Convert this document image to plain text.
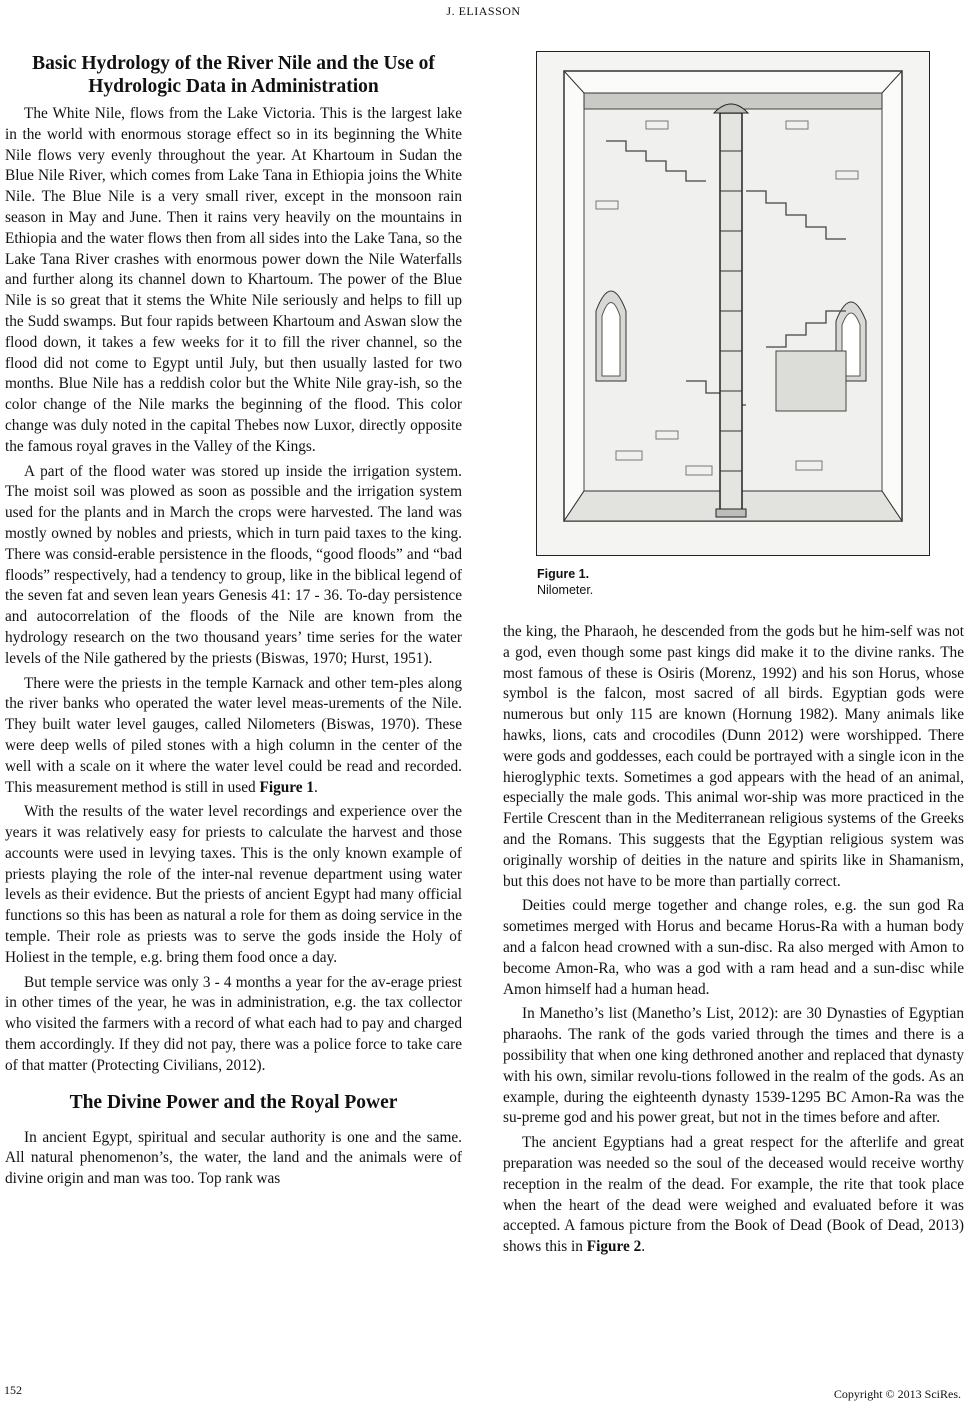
J. ELIASSON
Basic Hydrology of the River Nile and the Use of Hydrologic Data in Administration

The White Nile, flows from the Lake Victoria. This is the largest lake in the world with enormous storage effect so in its beginning the White Nile flows very evenly throughout the year. At Khartoum in Sudan the Blue Nile River, which comes from Lake Tana in Ethiopia joins the White Nile. The Blue Nile is a very small river, except in the monsoon rain season in May and June. Then it rains very heavily on the mountains in Ethiopia and the water flows then from all sides into the Lake Tana, so the Lake Tana River crashes with enormous power down the Nile Waterfalls and further along its channel down to Khartoum. The power of the Blue Nile is so great that it stems the White Nile seriously and helps to fill up the Sudd swamps. But four rapids between Khartoum and Aswan slow the flood down, it takes a few weeks for it to fill the river channel, so the flood did not come to Egypt until July, but then usually lasted for two months. Blue Nile has a reddish color but the White Nile gray-ish, so the color change of the Nile marks the beginning of the flood. This color change was duly noted in the capital Thebes now Luxor, directly opposite the famous royal graves in the Valley of the Kings.

A part of the flood water was stored up inside the irrigation system. The moist soil was plowed as soon as possible and the irrigation system used for the plants and in March the crops were harvested. The land was mostly owned by nobles and priests, which in turn paid taxes to the king. There was consid-erable persistence in the floods, “good floods” and “bad floods” respectively, had a tendency to group, like in the biblical legend of the seven fat and seven lean years Genesis 41: 17 - 36. To-day persistence and autocorrelation of the floods of the Nile are known from the hydrology research on the two thousand years’ time series for the water levels of the Nile gathered by the priests (Biswas, 1970; Hurst, 1951).

There were the priests in the temple Karnack and other tem-ples along the river banks who operated the water level meas-urements of the Nile. They built water level gauges, called Nilometers (Biswas, 1970). These were deep wells of piled stones with a high column in the center of the well with a scale on it where the water level could be read and recorded. This measurement method is still in used Figure 1.

With the results of the water level recordings and experience over the years it was relatively easy for priests to calculate the harvest and those accounts were used in levying taxes. This is the only known example of priests playing the role of the inter-nal revenue department using water levels as their evidence. But the priests of ancient Egypt had many official functions so this has been as natural a role for them as doing service in the temple. Their role as priests was to serve the gods inside the Holy of Holiest in the temple, e.g. bring them food once a day.

But temple service was only 3 - 4 months a year for the av-erage priest in other times of the year, he was in administration, e.g. the tax collector who visited the farmers with a record of what each had to pay and charged them accordingly. If they did not pay, there was a police force to take care of that matter (Protecting Civilians, 2012).

The Divine Power and the Royal Power

In ancient Egypt, spiritual and secular authority is one and the same. All natural phenomenon’s, the water, the land and the animals were of divine origin and man was too. Top rank was

Figure 1.
Nilometer.

the king, the Pharaoh, he descended from the gods but he him-self was not a god, even though some past kings did make it to the divine ranks. The most famous of these is Osiris (Morenz, 1992) and his son Horus, whose symbol is the falcon, most sacred of all birds. Egyptian gods were numerous but only 115 are known (Hornung 1982). Many animals like hawks, lions, cats and crocodiles (Dunn 2012) were worshipped. There were gods and goddesses, each could be portrayed with a single icon in the hieroglyphic texts. Sometimes a god appears with the head of an animal, especially the male gods. This animal wor-ship was more practiced in the Fertile Crescent than in the Mediterranean religious systems of the Greeks and the Romans. This suggests that the Egyptian religious system was originally worship of deities in the nature and spirits like in Shamanism, but this does not have to be more than partially correct.

Deities could merge together and change roles, e.g. the sun god Ra sometimes merged with Horus and became Horus-Ra with a human body and a falcon head crowned with a sun-disc. Ra also merged with Amon to become Amon-Ra, who was a god with a ram head and a sun-disc while Amon himself had a human head.

In Manetho’s list (Manetho’s List, 2012): are 30 Dynasties of Egyptian pharaohs. The rank of the gods varied through the times and there is a possibility that when one king dethroned another and replaced that dynasty with his own, similar revolu-tions followed in the realm of the gods. As an example, during the eighteenth dynasty 1539-1295 BC Amon-Ra was the su-preme god and his power great, but not in the times before and after.

The ancient Egyptians had a great respect for the afterlife and great preparation was needed so the soul of the deceased would receive worthy reception in the realm of the dead. For example, the rite that took place when the heart of the dead were weighed and evaluated before it was accepted. A famous picture from the Book of Dead (Book of Dead, 2013) shows this in Figure 2.

152	Copyright © 2013 SciRes.
